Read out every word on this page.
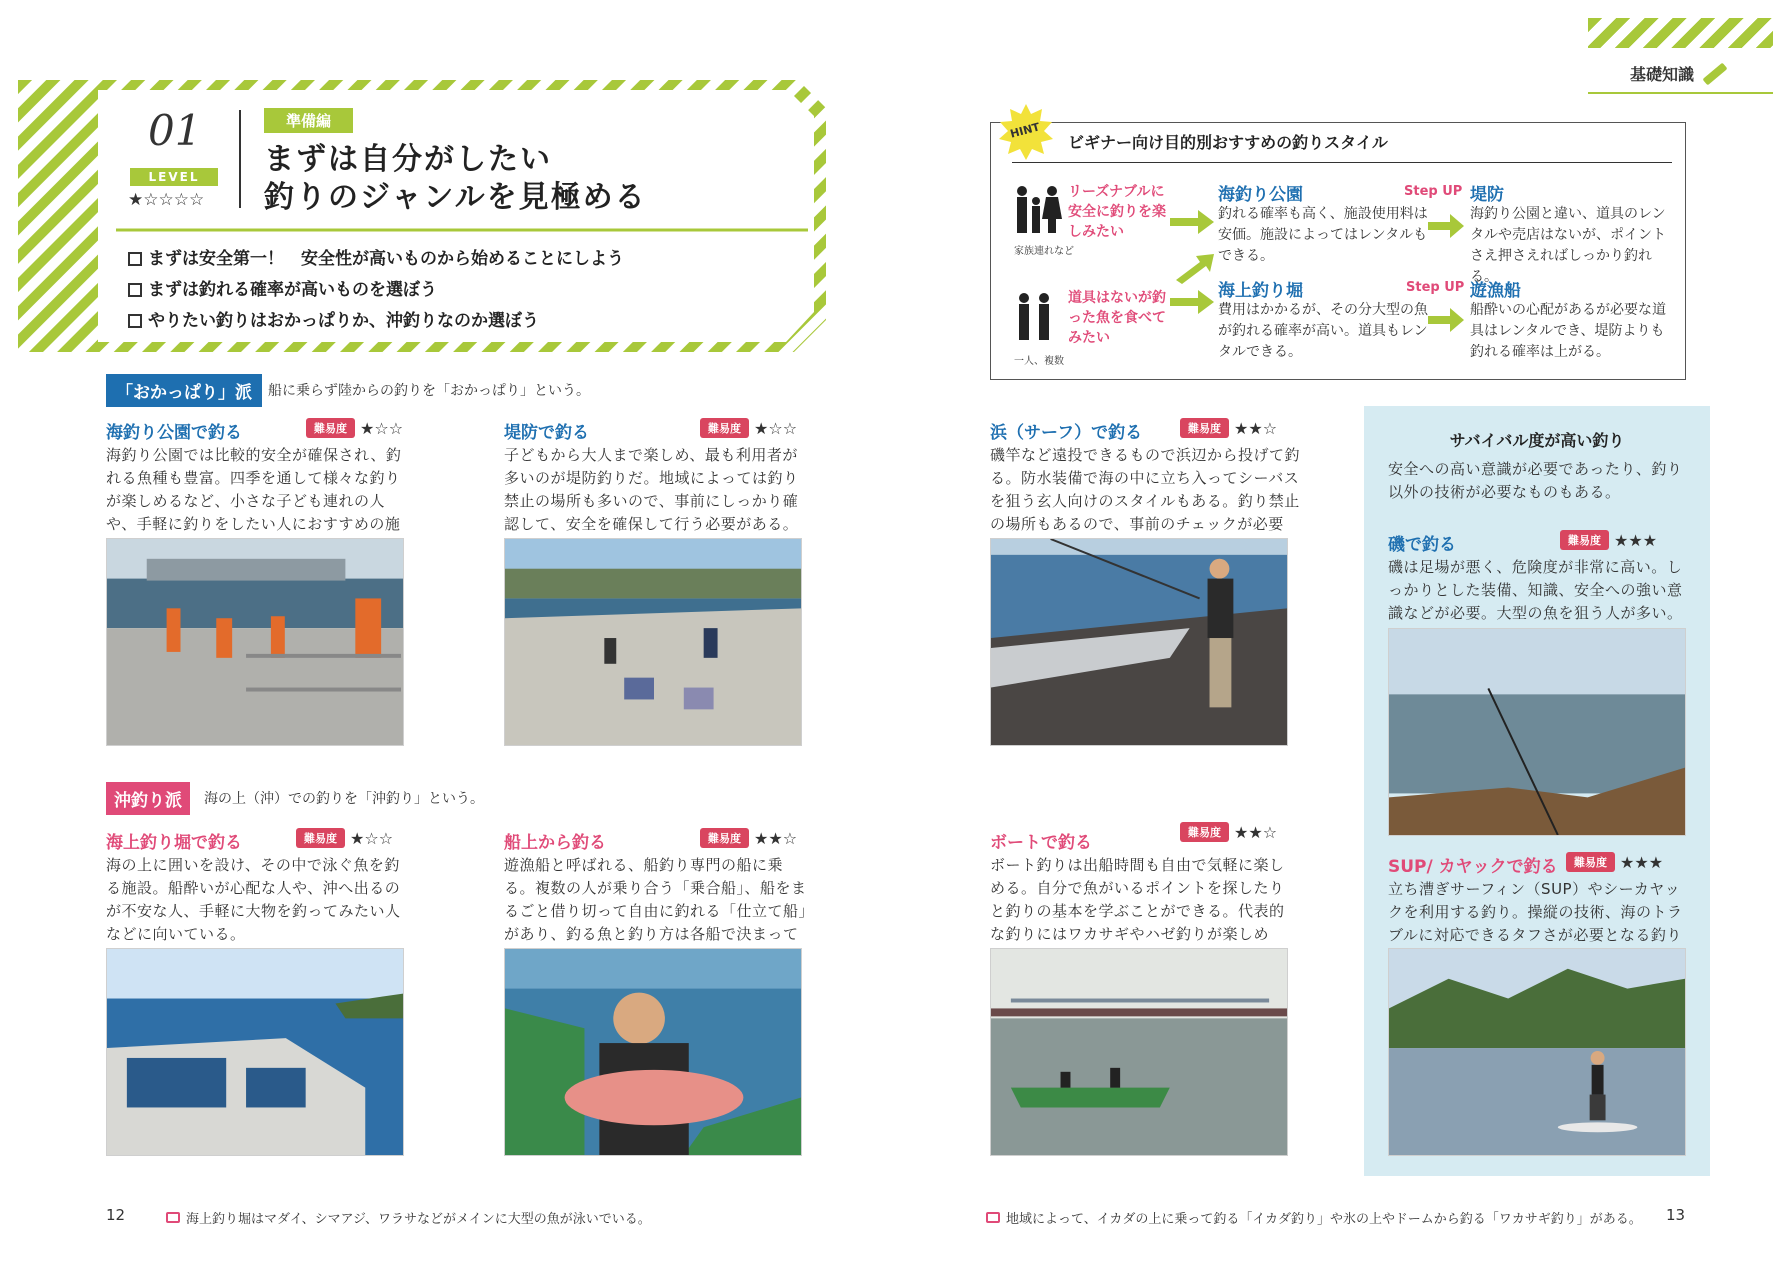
01
LEVEL
★☆☆☆☆
準備編
まずは自分がしたい
釣りのジャンルを見極める
まずは安全第一！　安全性が高いものから始めることにしよう
まずは釣れる確率が高いものを選ぼう
やりたい釣りはおかっぱりか、沖釣りなのか選ぼう
「おかっぱり」派	船に乗らず陸からの釣りを「おかっぱり」という。
海釣り公園で釣る	難易度 ★☆☆
海釣り公園では比較的安全が確保され、釣れる魚種も豊富。四季を通して様々な釣りが楽しめるなど、小さな子ども連れの人や、手軽に釣りをしたい人におすすめの施
堤防で釣る	難易度 ★☆☆
子どもから大人まで楽しめ、最も利用者が多いのが堤防釣りだ。地域によっては釣り禁止の場所も多いので、事前にしっかり確認して、安全を確保して行う必要がある。
沖釣り派	海の上（沖）での釣りを「沖釣り」という。
海上釣り堀で釣る	難易度 ★☆☆
海の上に囲いを設け、その中で泳ぐ魚を釣る施設。船酔いが心配な人や、沖へ出るのが不安な人、手軽に大物を釣ってみたい人などに向いている。
船上から釣る	難易度 ★★☆
遊漁船と呼ばれる、船釣り専門の船に乗る。複数の人が乗り合う「乗合船」、船をまるごと借り切って自由に釣れる「仕立て船」があり、釣る魚と釣り方は各船で決まって
12	海上釣り堀はマダイ、シマアジ、ワラサなどがメインに大型の魚が泳いでいる。
基礎知識
HINT
ビギナー向け目的別おすすめの釣りスタイル
リーズナブルに安全に釣りを楽しみたい
家族連れなど
道具はないが釣った魚を食べてみたい
一人、複数
海釣り公園
釣れる確率も高く、施設使用料は安価。施設によってはレンタルもできる。
海上釣り堀
費用はかかるが、その分大型の魚が釣れる確率が高い。道具もレンタルできる。
Step UP
Step UP
堤防
海釣り公園と違い、道具のレンタルや売店はないが、ポイントさえ押さえればしっかり釣れる。
遊漁船
船酔いの心配があるが必要な道具はレンタルでき、堤防よりも釣れる確率は上がる。
浜（サーフ）で釣る	難易度 ★★☆
磯竿など遠投できるもので浜辺から投げて釣る。防水装備で海の中に立ち入ってシーバスを狙う玄人向けのスタイルもある。釣り禁止の場所もあるので、事前のチェックが必要
ボートで釣る
難易度 ★★☆
ボート釣りは出船時間も自由で気軽に楽しめる。自分で魚がいるポイントを探したりと釣りの基本を学ぶことができる。代表的な釣りにはワカサギやハゼ釣りが楽しめ
サバイバル度が高い釣り
安全への高い意識が必要であったり、釣り以外の技術が必要なものもある。
磯で釣る	難易度 ★★★
磯は足場が悪く、危険度が非常に高い。しっかりとした装備、知識、安全への強い意識などが必要。大型の魚を狙う人が多い。
SUP/ カヤックで釣る	難易度 ★★★
立ち漕ぎサーフィン（SUP）やシーカヤックを利用する釣り。操縦の技術、海のトラブルに対応できるタフさが必要となる釣り
地域によって、イカダの上に乗って釣る「イカダ釣り」や氷の上やドームから釣る「ワカサギ釣り」がある。 13
